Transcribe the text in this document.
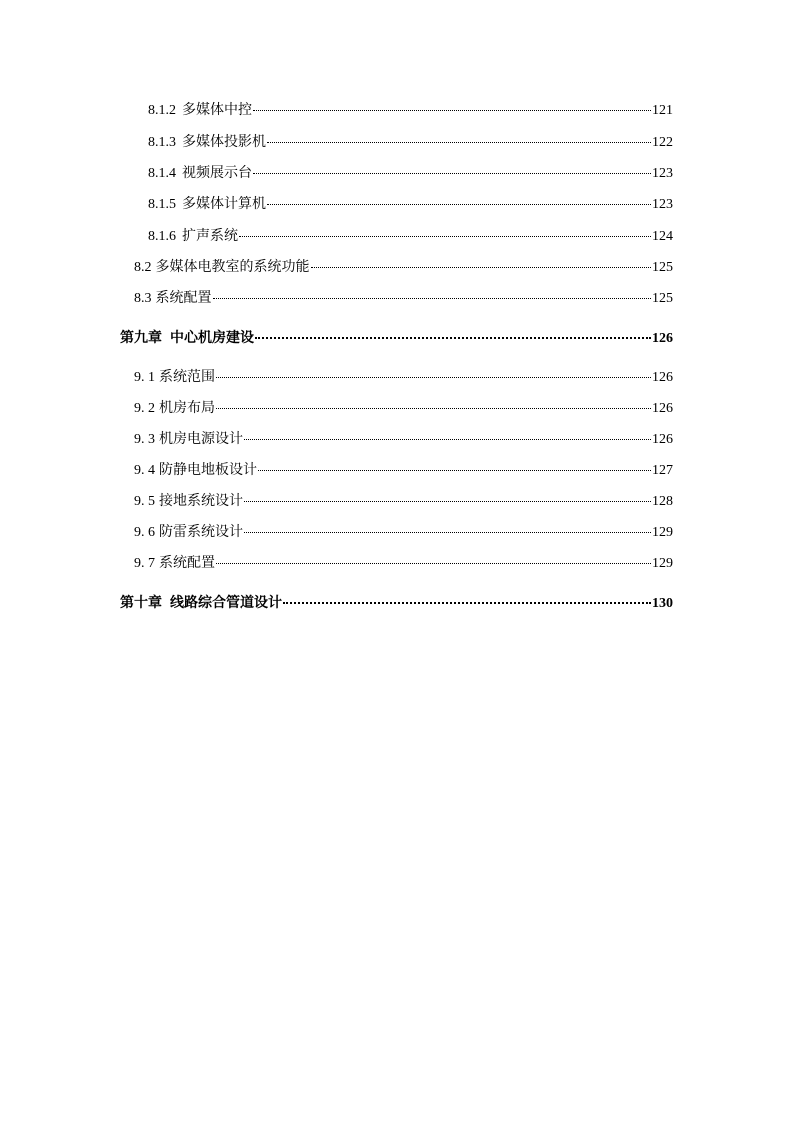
8.1.2 多媒体中控	121
8.1.3 多媒体投影机	122
8.1.4 视频展示台	123
8.1.5 多媒体计算机	123
8.1.6 扩声系统	124
8.2 多媒体电教室的系统功能	125
8.3 系统配置	125
第九章 中心机房建设	126
9. 1 系统范围	126
9. 2 机房布局	126
9. 3 机房电源设计	126
9. 4 防静电地板设计	127
9. 5 接地系统设计	128
9. 6 防雷系统设计	129
9. 7 系统配置	129
第十章 线路综合管道设计	130
